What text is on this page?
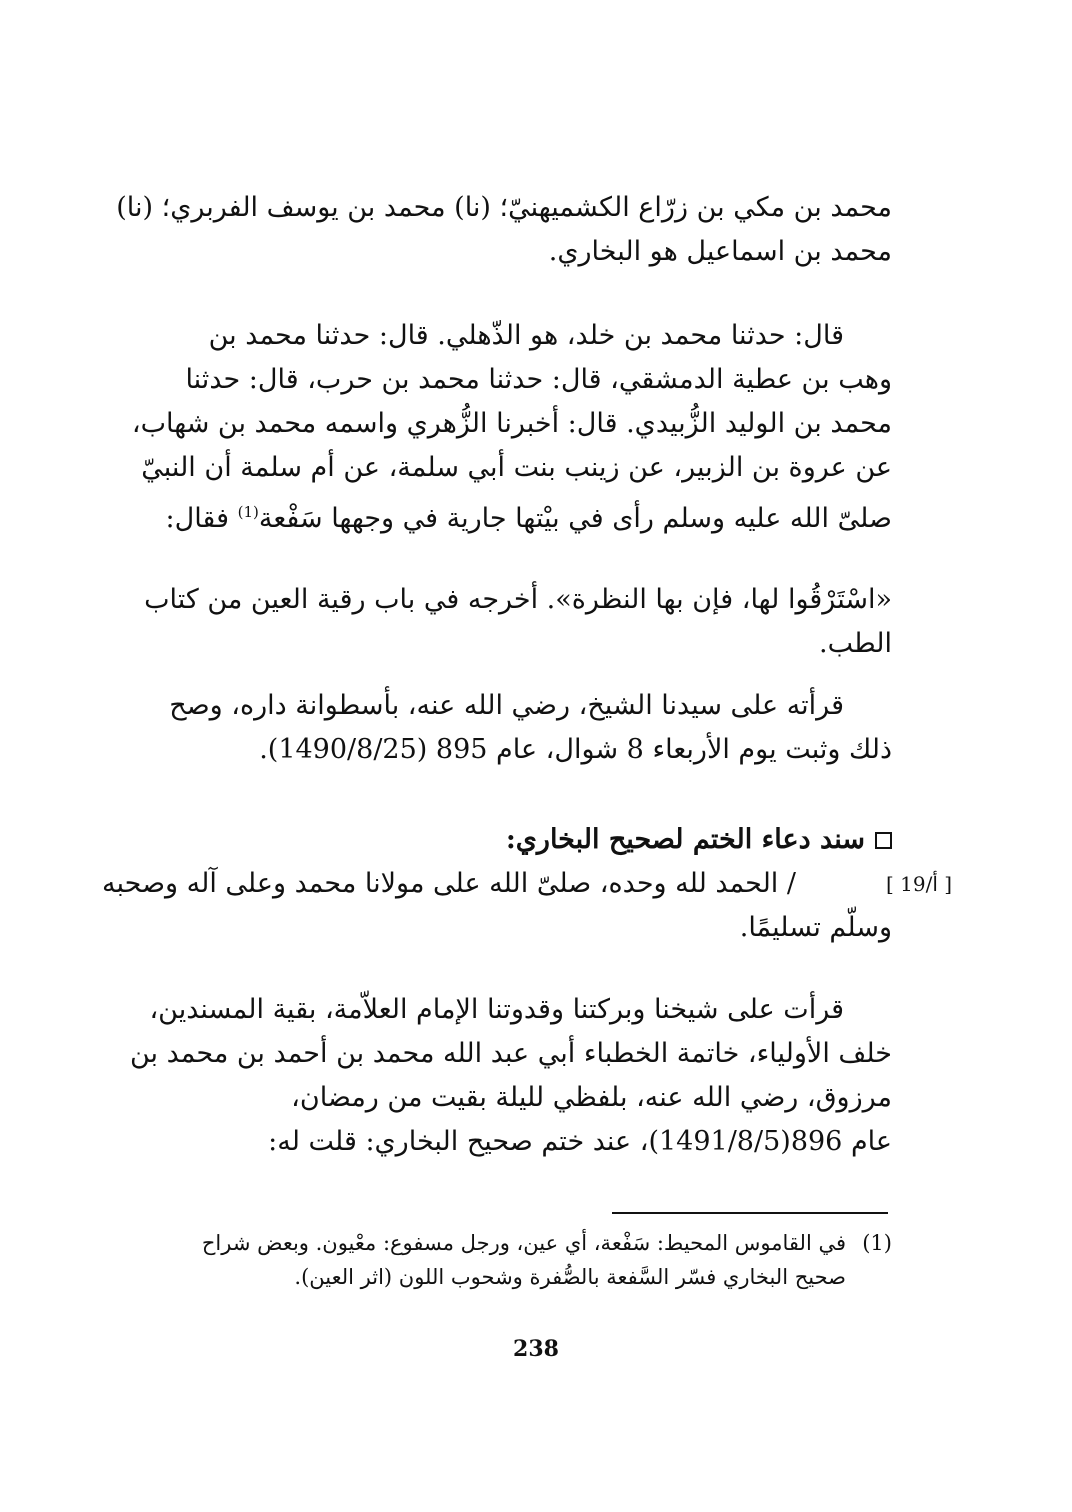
محمد بن مكي بن زرّاع الكشميهنيّ؛ (نا) محمد بن يوسف الفربري؛ (نا)
محمد بن اسماعيل هو البخاري.
قال: حدثنا محمد بن خلد، هو الذّهلي. قال: حدثنا محمد بن
وهب بن عطية الدمشقي، قال: حدثنا محمد بن حرب، قال: حدثنا
محمد بن الوليد الزُّبيدي. قال: أخبرنا الزُّهري واسمه محمد بن شهاب،
عن عروة بن الزبير، عن زينب بنت أبي سلمة، عن أم سلمة أن النبيّ
صلىّ الله عليه وسلم رأى في بيْتها جارية في وجهها سَفْعة$^{(1)}$ فقال:
«اسْتَرْقُوا لها، فإن بها النظرة». أخرجه في باب رقية العين من كتاب
الطب.
قرأته على سيدنا الشيخ، رضي الله عنه، بأسطوانة داره، وصح
ذلك وثبت يوم الأربعاء 8 شوال، عام 895 (1490/8/25).
سند دعاء الختم لصحيح البخاري:
[ 19/أ ]
/ الحمد لله وحده، صلىّ الله على مولانا محمد وعلى آله وصحبه
وسلّم تسليمًا.
قرأت على شيخنا وبركتنا وقدوتنا الإمام العلاّمة، بقية المسندين،
خلف الأولياء، خاتمة الخطباء أبي عبد الله محمد بن أحمد بن محمد بن
مرزوق، رضي الله عنه، بلفظي لليلة بقيت من رمضان،
عام 896(1491/8/5)، عند ختم صحيح البخاري: قلت له:
(1)
في القاموس المحيط: سَفْعة، أي عين، ورجل مسفوع: معْيون. وبعض شراح
صحيح البخاري فسّر السَّفعة بالصُّفرة وشحوب اللون (اثر العين).
238
